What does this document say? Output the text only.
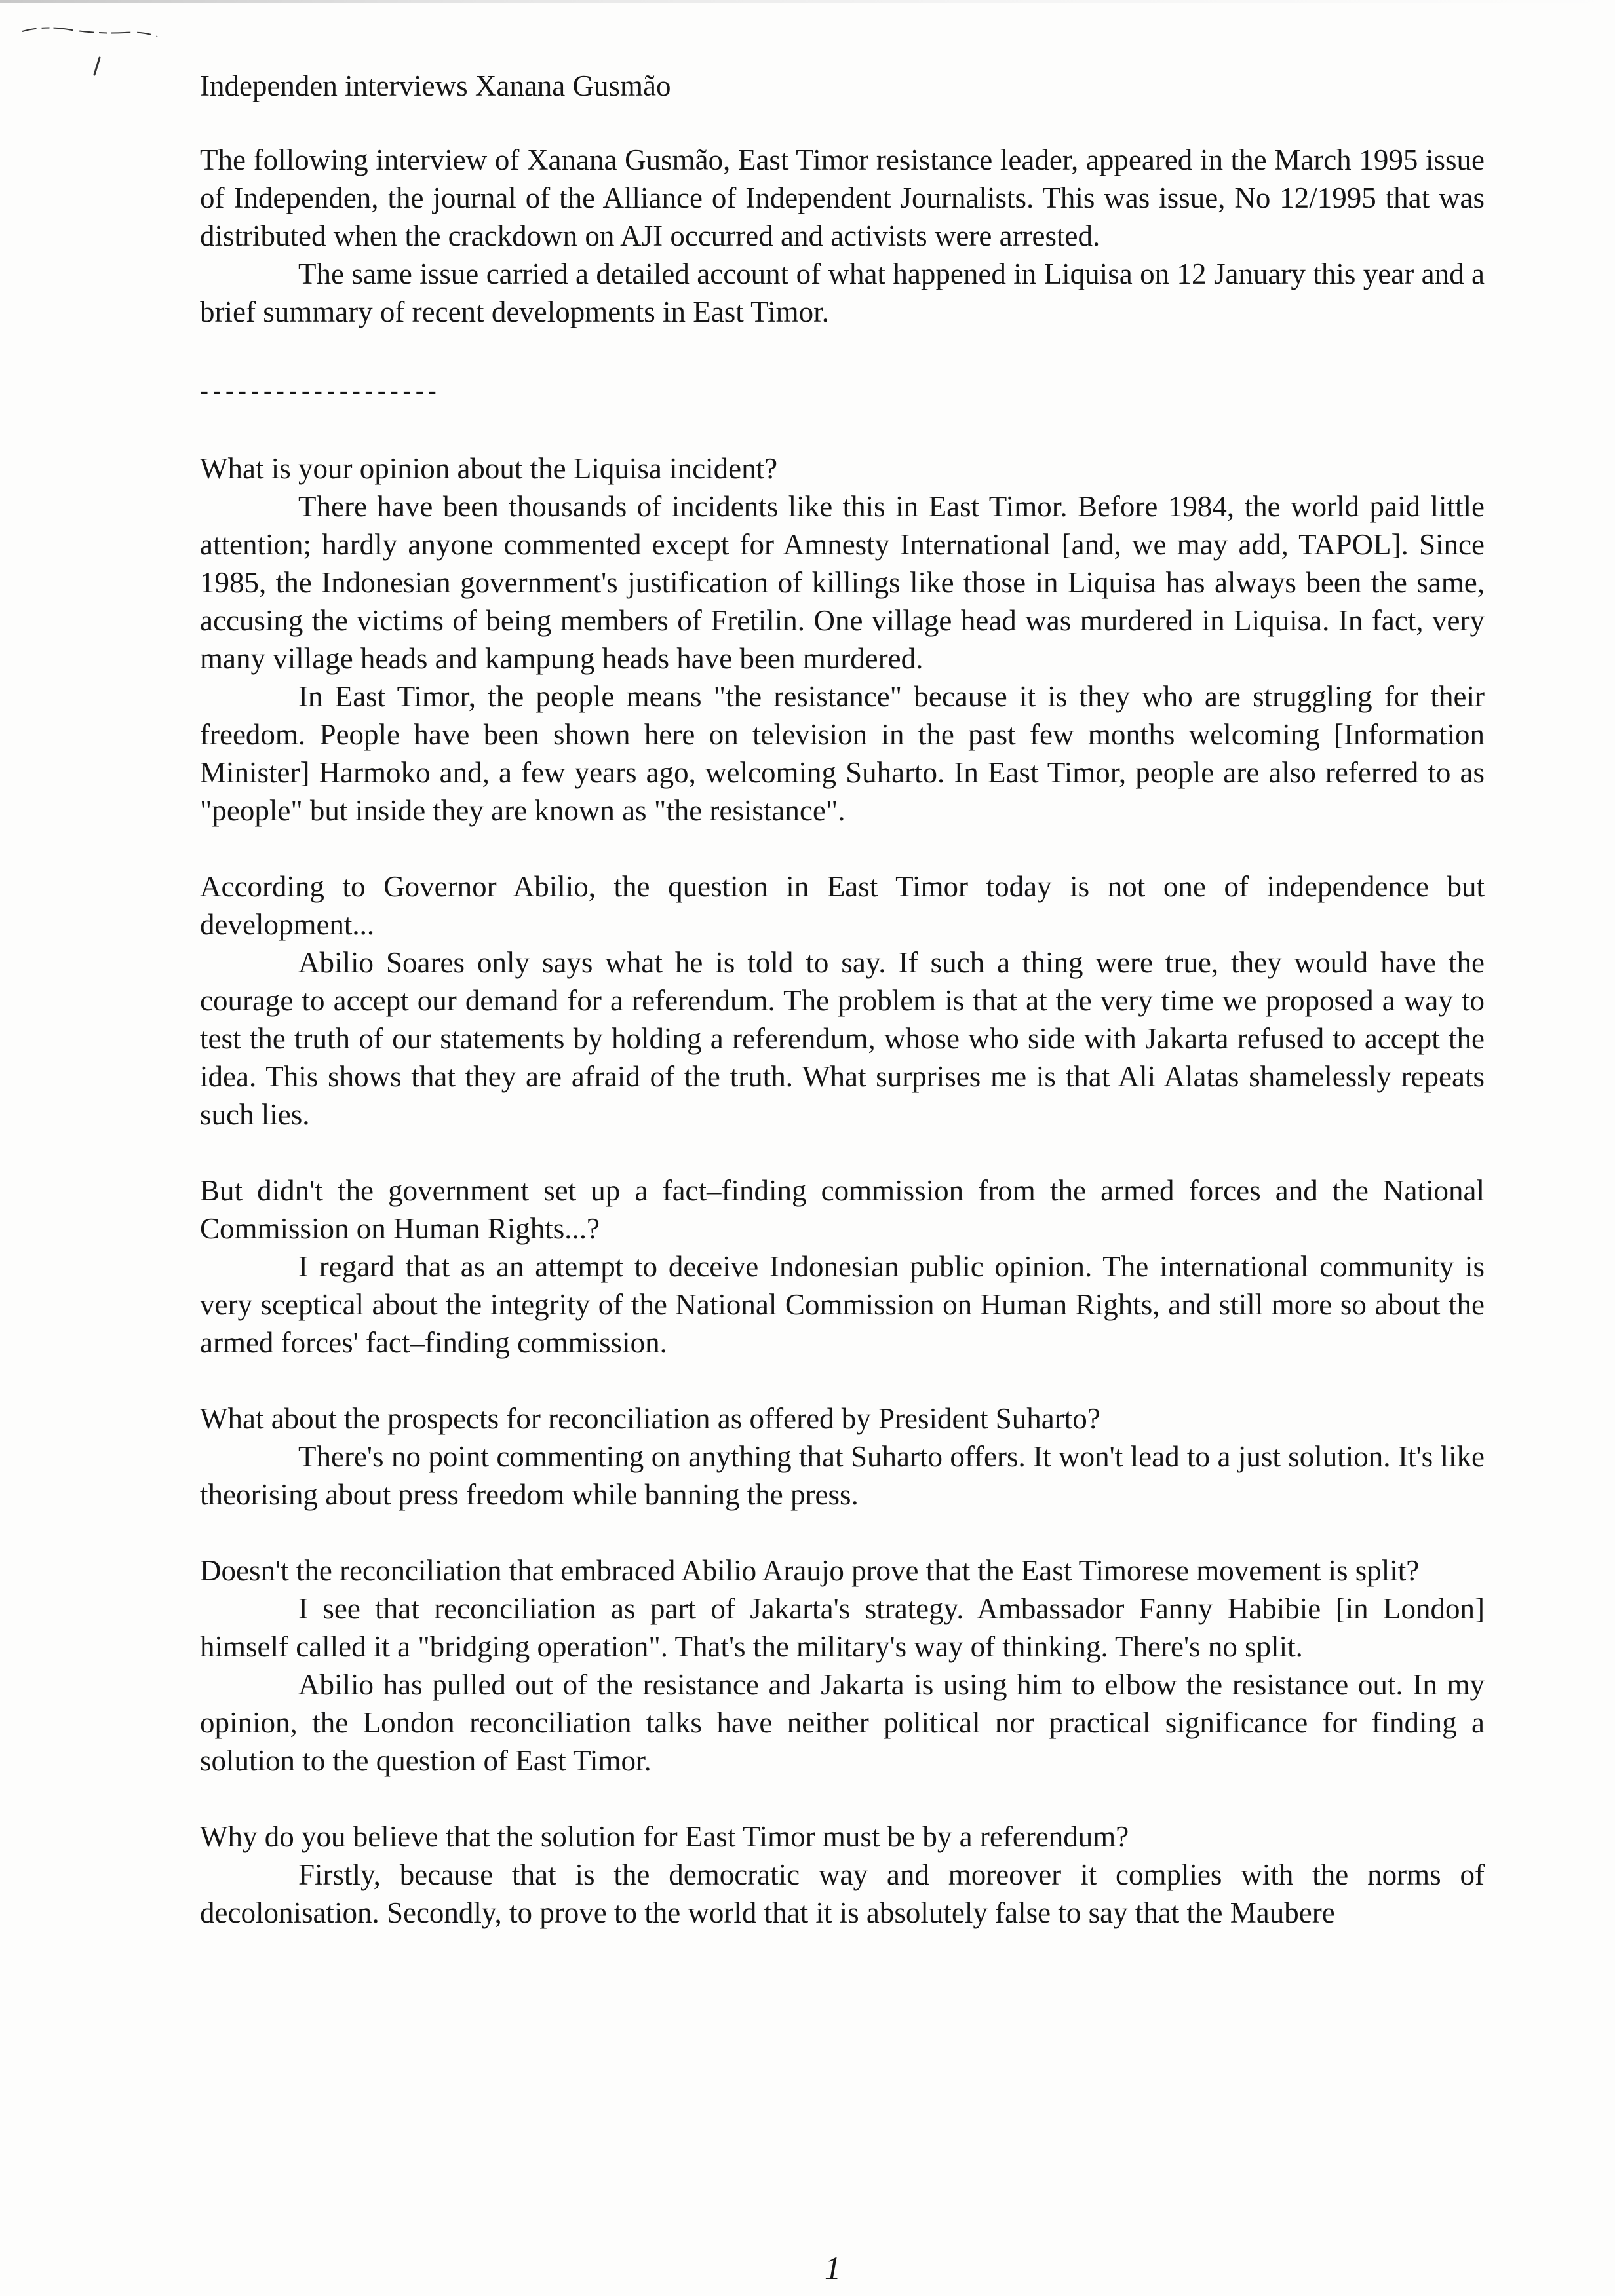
Independen interviews Xanana Gusmão

The following interview of Xanana Gusmão, East Timor resistance leader, appeared in the March 1995 issue of Independen, the journal of the Alliance of Independent Journalists. This was issue, No 12/1995 that was distributed when the crackdown on AJI occurred and activists were arrested.

The same issue carried a detailed account of what happened in Liquisa on 12 January this year and a brief summary of recent developments in East Timor.

-------------------

What is your opinion about the Liquisa incident?

There have been thousands of incidents like this in East Timor. Before 1984, the world paid little attention; hardly anyone commented except for Amnesty International [and, we may add, TAPOL]. Since 1985, the Indonesian government's justification of killings like those in Liquisa has always been the same, accusing the victims of being members of Fretilin. One village head was murdered in Liquisa. In fact, very many village heads and kampung heads have been murdered.

In East Timor, the people means "the resistance" because it is they who are struggling for their freedom. People have been shown here on television in the past few months welcoming [Information Minister] Harmoko and, a few years ago, welcoming Suharto. In East Timor, people are also referred to as "people" but inside they are known as "the resistance".

According to Governor Abilio, the question in East Timor today is not one of independence but development...

Abilio Soares only says what he is told to say. If such a thing were true, they would have the courage to accept our demand for a referendum. The problem is that at the very time we proposed a way to test the truth of our statements by holding a referendum, whose who side with Jakarta refused to accept the idea. This shows that they are afraid of the truth. What surprises me is that Ali Alatas shamelessly repeats such lies.

But didn't the government set up a fact–finding commission from the armed forces and the National Commission on Human Rights...?

I regard that as an attempt to deceive Indonesian public opinion. The international community is very sceptical about the integrity of the National Commission on Human Rights, and still more so about the armed forces' fact–finding commission.

What about the prospects for reconciliation as offered by President Suharto?

There's no point commenting on anything that Suharto offers. It won't lead to a just solution. It's like theorising about press freedom while banning the press.

Doesn't the reconciliation that embraced Abilio Araujo prove that the East Timorese movement is split?

I see that reconciliation as part of Jakarta's strategy. Ambassador Fanny Habibie [in London] himself called it a "bridging operation". That's the military's way of thinking. There's no split.

Abilio has pulled out of the resistance and Jakarta is using him to elbow the resistance out. In my opinion, the London reconciliation talks have neither political nor practical significance for finding a solution to the question of East Timor.

Why do you believe that the solution for East Timor must be by a referendum?

Firstly, because that is the democratic way and moreover it complies with the norms of decolonisation. Secondly, to prove to the world that it is absolutely false to say that the Maubere

1
